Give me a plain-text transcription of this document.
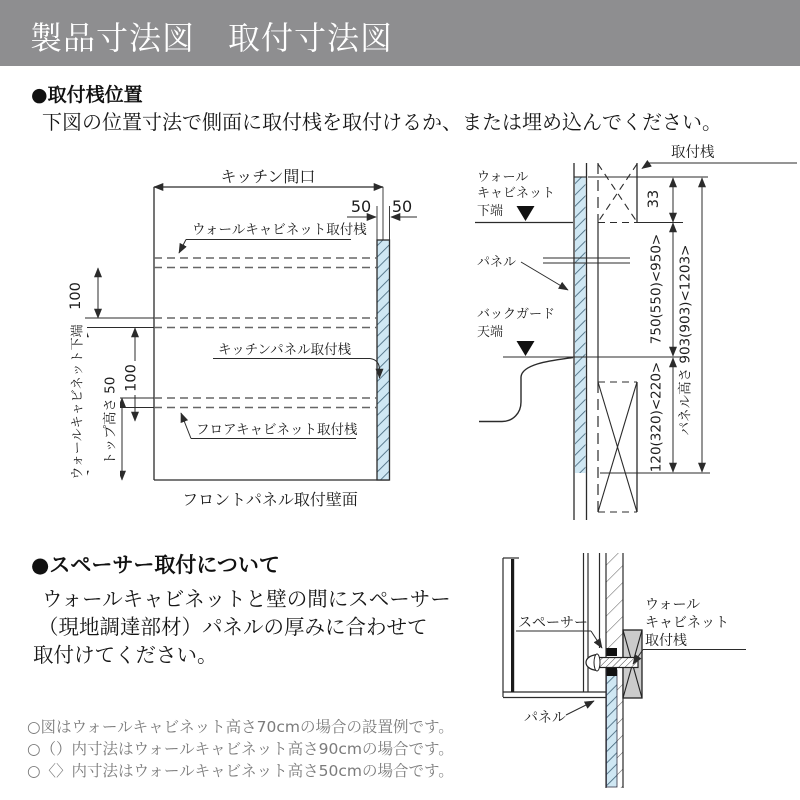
製品寸法図　取付寸法図
●取付桟位置
下図の位置寸法で側面に取付桟を取付けるか、または埋め込んでください。
キッチン間口
50 50
ウォールキャビネット取付桟
キッチンパネル取付桟
フロアキャビネット取付桟
フロントパネル取付壁面
100
ウォールキャビネット下端 トップ高さ 50 100
取付桟
ウォール
キャビネット
下端
パネル
バックガード
天端
33
750(550)<950>
120(320)<220> パネル高さ 903(903)<1203>
●スペーサー取付について
ウォールキャビネットと壁の間にスペーサー
（現地調達部材）パネルの厚みに合わせて
取付けてください。
スペーサー
パネル
ウォール
キャビネット
取付桟
○図はウォールキャビネット高さ70cmの場合の設置例です。
○（）内寸法はウォールキャビネット高さ90cmの場合です。
○〈〉内寸法はウォールキャビネット高さ50cmの場合です。
